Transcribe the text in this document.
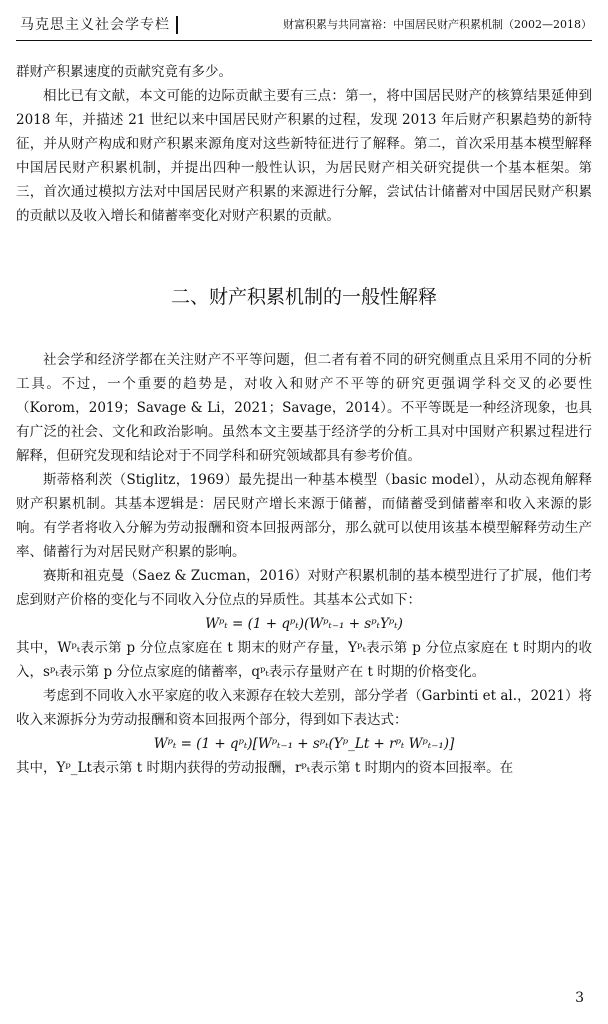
马克思主义社会学专栏	财富积累与共同富裕：中国居民财产积累机制（2002—2018）

群财产积累速度的贡献究竟有多少。

相比已有文献，本文可能的边际贡献主要有三点：第一，将中国居民财产的核算结果延伸到 2018 年，并描述 21 世纪以来中国居民财产积累的过程，发现 2013 年后财产积累趋势的新特征，并从财产构成和财产积累来源角度对这些新特征进行了解释。第二，首次采用基本模型解释中国居民财产积累机制，并提出四种一般性认识，为居民财产相关研究提供一个基本框架。第三，首次通过模拟方法对中国居民财产积累的来源进行分解，尝试估计储蓄对中国居民财产积累的贡献以及收入增长和储蓄率变化对财产积累的贡献。

二、财产积累机制的一般性解释

社会学和经济学都在关注财产不平等问题，但二者有着不同的研究侧重点且采用不同的分析工具。不过，一个重要的趋势是，对收入和财产不平等的研究更强调学科交叉的必要性（Korom，2019；Savage & Li，2021；Savage，2014）。不平等既是一种经济现象，也具有广泛的社会、文化和政治影响。虽然本文主要基于经济学的分析工具对中国财产积累过程进行解释，但研究发现和结论对于不同学科和研究领域都具有参考价值。

斯蒂格利茨（Stiglitz，1969）最先提出一种基本模型（basic model），从动态视角解释财产积累机制。其基本逻辑是：居民财产增长来源于储蓄，而储蓄受到储蓄率和收入来源的影响。有学者将收入分解为劳动报酬和资本回报两部分，那么就可以使用该基本模型解释劳动生产率、储蓄行为对居民财产积累的影响。

赛斯和祖克曼（Saez & Zucman，2016）对财产积累机制的基本模型进行了扩展，他们考虑到财产价格的变化与不同收入分位点的异质性。其基本公式如下：

Wᵖₜ = (1 + qᵖₜ)(Wᵖₜ₋₁ + sᵖₜYᵖₜ)

其中，Wᵖₜ表示第 p 分位点家庭在 t 期末的财产存量，Yᵖₜ表示第 p 分位点家庭在 t 时期内的收入，sᵖₜ表示第 p 分位点家庭的储蓄率，qᵖₜ表示存量财产在 t 时期的价格变化。

考虑到不同收入水平家庭的收入来源存在较大差别，部分学者（Garbinti et al.，2021）将收入来源拆分为劳动报酬和资本回报两个部分，得到如下表达式：

Wᵖₜ = (1 + qᵖₜ)[Wᵖₜ₋₁ + sᵖₜ(Yᵖ_Lt + rᵖₜ Wᵖₜ₋₁)]

其中，Yᵖ_Lt表示第 t 时期内获得的劳动报酬，rᵖₜ表示第 t 时期内的资本回报率。在

3
